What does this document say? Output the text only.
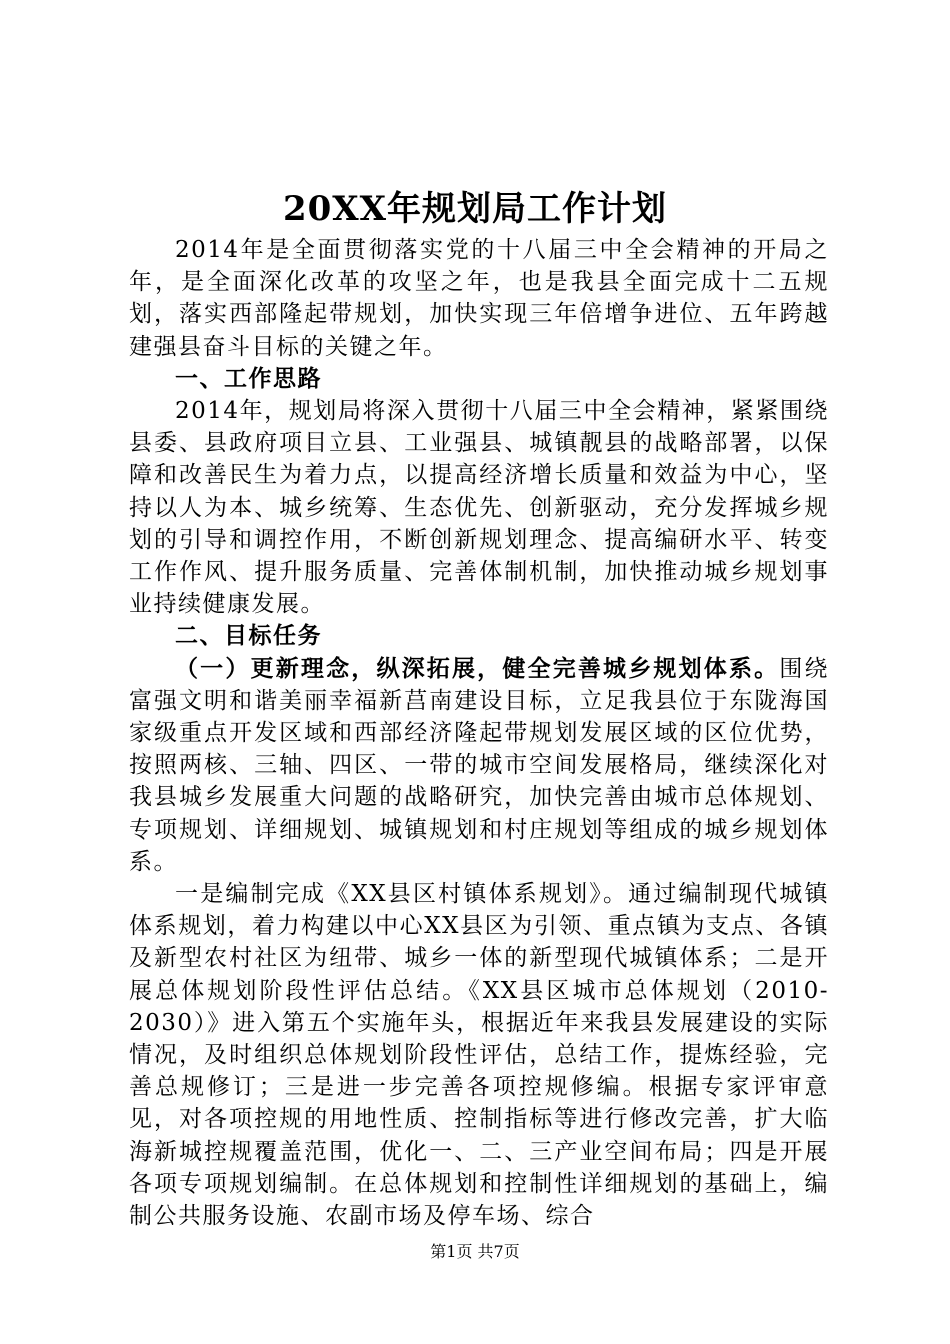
20XX年规划局工作计划

2014年是全面贯彻落实党的十八届三中全会精神的开局之年，是全面深化改革的攻坚之年，也是我县全面完成十二五规划，落实西部隆起带规划，加快实现三年倍增争进位、五年跨越建强县奋斗目标的关键之年。

一、工作思路

2014年，规划局将深入贯彻十八届三中全会精神，紧紧围绕县委、县政府项目立县、工业强县、城镇靓县的战略部署，以保障和改善民生为着力点，以提高经济增长质量和效益为中心，坚持以人为本、城乡统筹、生态优先、创新驱动，充分发挥城乡规划的引导和调控作用，不断创新规划理念、提高编研水平、转变工作作风、提升服务质量、完善体制机制，加快推动城乡规划事业持续健康发展。

二、目标任务

（一）更新理念，纵深拓展，健全完善城乡规划体系。围绕富强文明和谐美丽幸福新莒南建设目标，立足我县位于东陇海国家级重点开发区域和西部经济隆起带规划发展区域的区位优势，按照两核、三轴、四区、一带的城市空间发展格局，继续深化对我县城乡发展重大问题的战略研究，加快完善由城市总体规划、专项规划、详细规划、城镇规划和村庄规划等组成的城乡规划体系。

一是编制完成《XX县区村镇体系规划》。通过编制现代城镇体系规划，着力构建以中心XX县区为引领、重点镇为支点、各镇及新型农村社区为纽带、城乡一体的新型现代城镇体系；二是开展总体规划阶段性评估总结。《XX县区城市总体规划（2010-2030）》进入第五个实施年头，根据近年来我县发展建设的实际情况，及时组织总体规划阶段性评估，总结工作，提炼经验，完善总规修订；三是进一步完善各项控规修编。根据专家评审意见，对各项控规的用地性质、控制指标等进行修改完善，扩大临海新城控规覆盖范围，优化一、二、三产业空间布局；四是开展各项专项规划编制。在总体规划和控制性详细规划的基础上，编制公共服务设施、农副市场及停车场、综合

第1页 共7页
